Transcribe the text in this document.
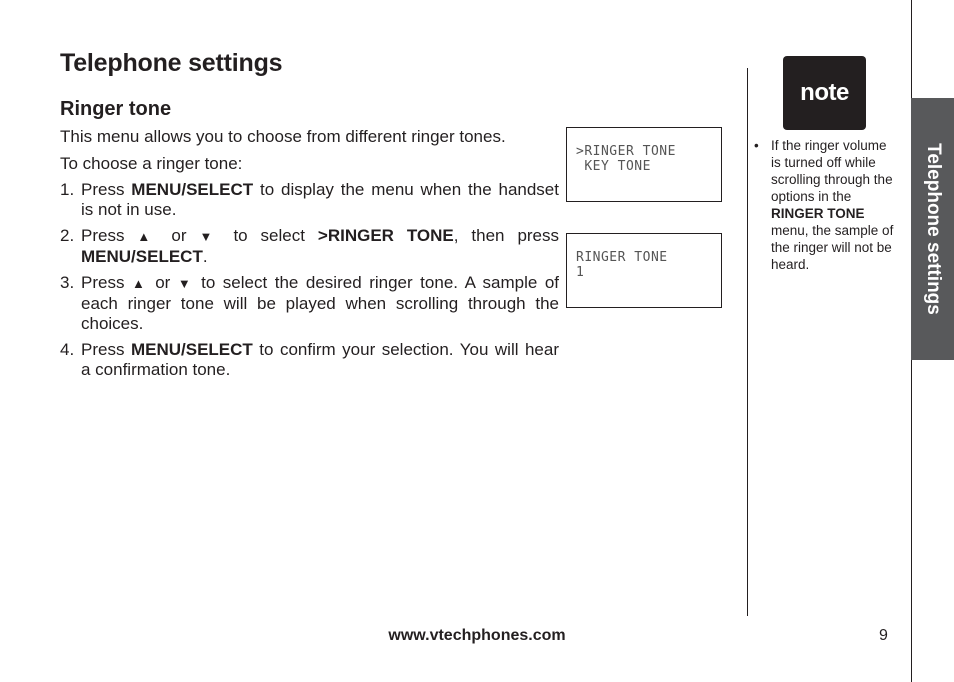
Telephone settings
Ringer tone
This menu allows you to choose from different ringer tones.
To choose a ringer tone:
1. Press MENU/SELECT to display the menu when the handset is not in use.
2. Press ▲ or ▼ to select >RINGER TONE, then press MENU/SELECT.
3. Press ▲ or ▼ to select the desired ringer tone. A sample of each ringer tone will be played when scrolling through the choices.
4. Press MENU/SELECT to confirm your selection. You will hear a confirmation tone.
>RINGER TONE
KEY TONE
RINGER TONE
1
note
• If the ringer volume is turned off while scrolling through the options in the RINGER TONE menu, the sample of the ringer will not be heard.	Telephone settings
www.vtechphones.com	9
